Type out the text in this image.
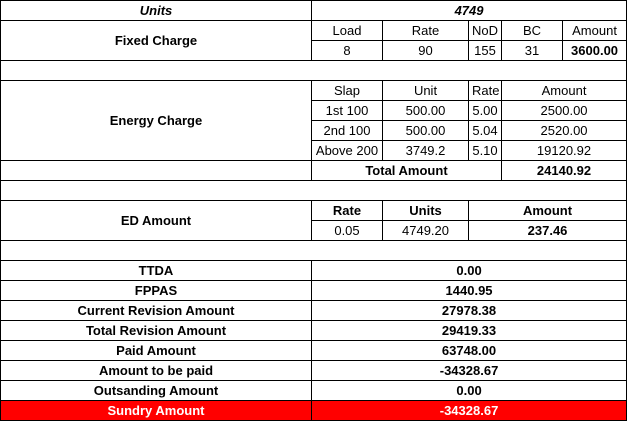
Units	4749				
Fixed Charge	Load	Rate	NoD	BC	Amount
	8	90	155	31	3600.00

Energy Charge	Slap	Unit	Rate	Amount	
	1st 100	500.00	5.00	2500.00	
	2nd 100	500.00	5.04	2520.00	
	Above 200	3749.2	5.10	19120.92	
	Total Amount			24140.92	

ED Amount	Rate	Units	Amount		
	0.05	4749.20	237.46		

TTDA	0.00				
FPPAS	1440.95				
Current Revision Amount	27978.38				
Total Revision Amount	29419.33				
Paid Amount	63748.00				
Amount to be paid	-34328.67				
Outsanding Amount	0.00				
Sundry Amount	-34328.67				
